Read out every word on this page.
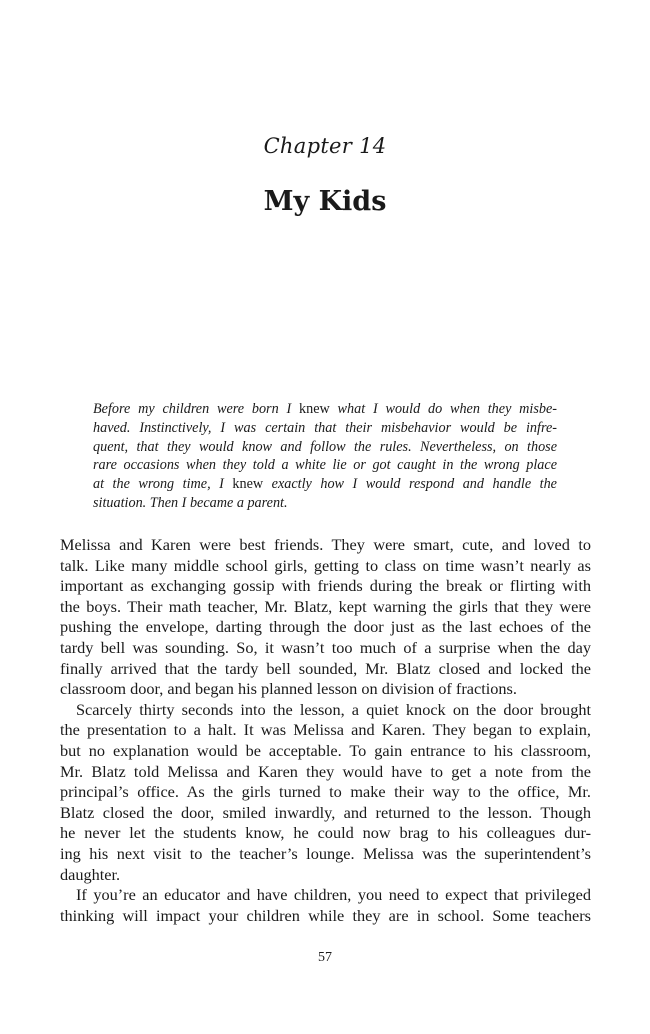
Chapter 14
My Kids
Before my children were born I knew what I would do when they misbe-
haved. Instinctively, I was certain that their misbehavior would be infre-
quent, that they would know and follow the rules. Nevertheless, on those
rare occasions when they told a white lie or got caught in the wrong place
at the wrong time, I knew exactly how I would respond and handle the
situation. Then I became a parent.
Melissa and Karen were best friends. They were smart, cute, and loved to
talk. Like many middle school girls, getting to class on time wasn’t nearly as
important as exchanging gossip with friends during the break or flirting with
the boys. Their math teacher, Mr. Blatz, kept warning the girls that they were
pushing the envelope, darting through the door just as the last echoes of the
tardy bell was sounding. So, it wasn’t too much of a surprise when the day
finally arrived that the tardy bell sounded, Mr. Blatz closed and locked the
classroom door, and began his planned lesson on division of fractions.
Scarcely thirty seconds into the lesson, a quiet knock on the door brought
the presentation to a halt. It was Melissa and Karen. They began to explain,
but no explanation would be acceptable. To gain entrance to his classroom,
Mr. Blatz told Melissa and Karen they would have to get a note from the
principal’s office. As the girls turned to make their way to the office, Mr.
Blatz closed the door, smiled inwardly, and returned to the lesson. Though
he never let the students know, he could now brag to his colleagues dur-
ing his next visit to the teacher’s lounge. Melissa was the superintendent’s
daughter.
If you’re an educator and have children, you need to expect that privileged
thinking will impact your children while they are in school. Some teachers
57
